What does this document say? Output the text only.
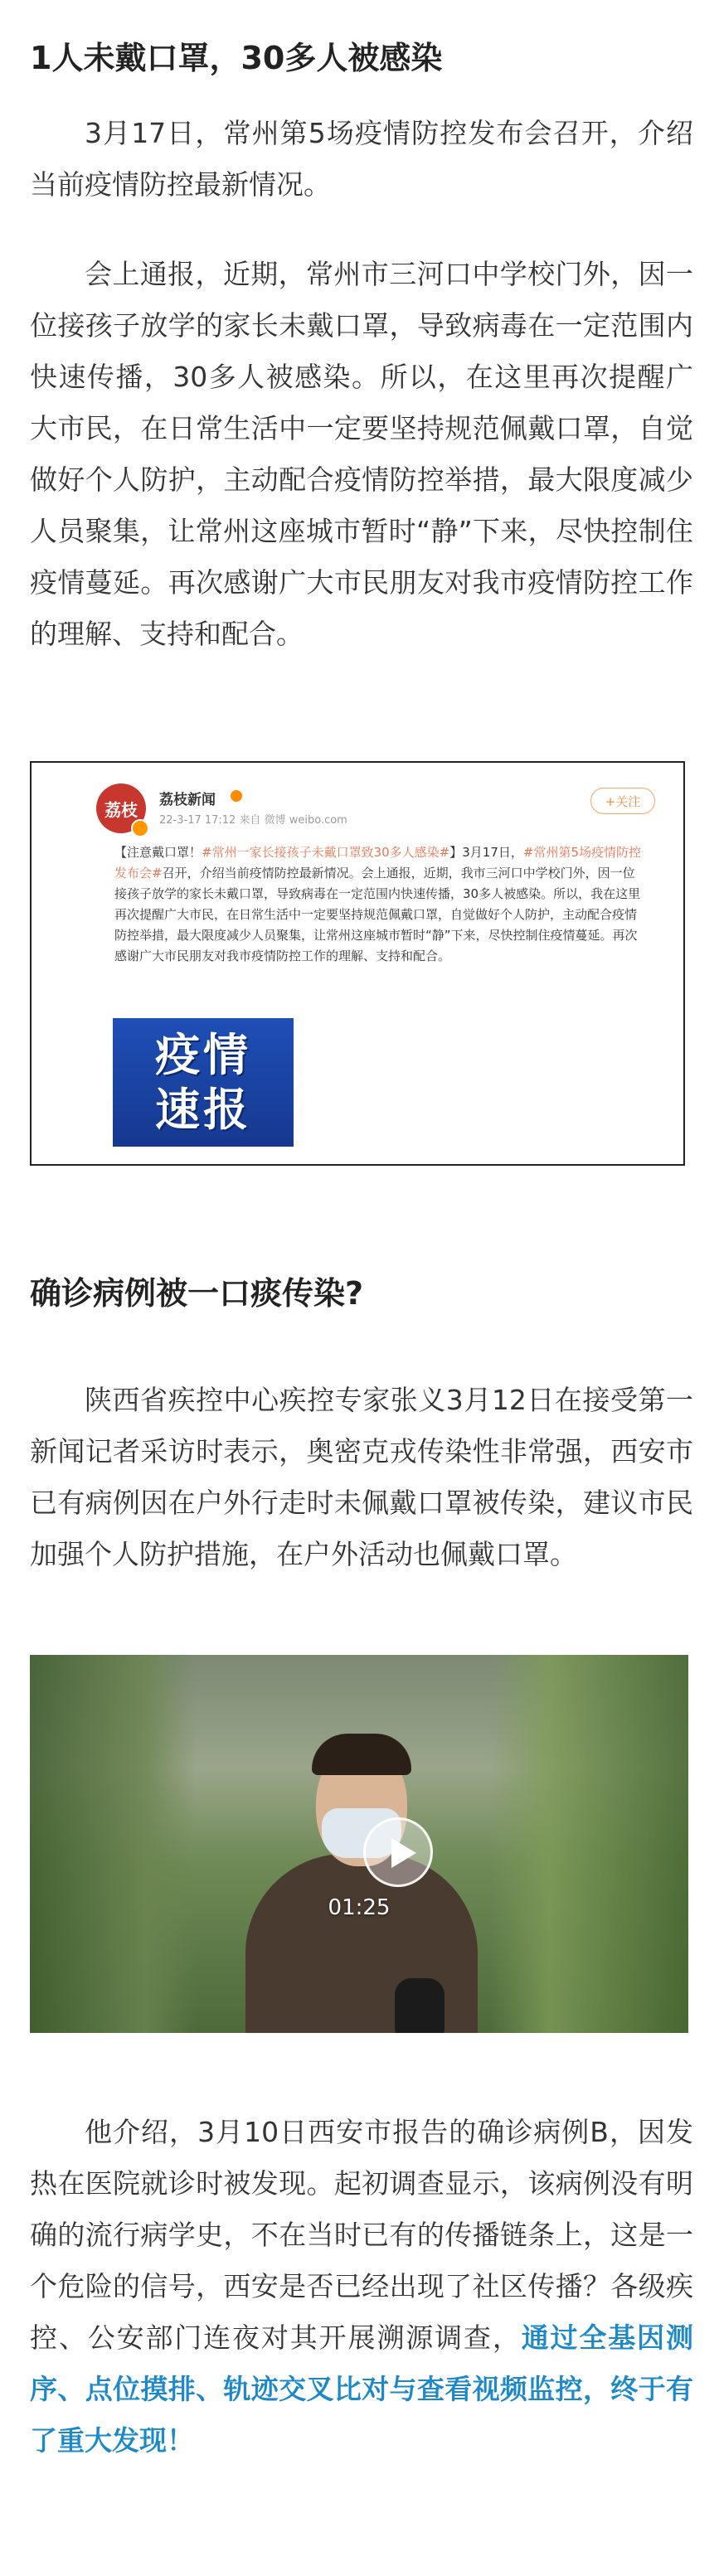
1人未戴口罩，30多人被感染

3月17日，常州第5场疫情防控发布会召开，介绍当前疫情防控最新情况。

会上通报，近期，常州市三河口中学校门外，因一位接孩子放学的家长未戴口罩，导致病毒在一定范围内快速传播，30多人被感染。所以，在这里再次提醒广大市民，在日常生活中一定要坚持规范佩戴口罩，自觉做好个人防护，主动配合疫情防控举措，最大限度减少人员聚集，让常州这座城市暂时“静”下来，尽快控制住疫情蔓延。再次感谢广大市民朋友对我市疫情防控工作的理解、支持和配合。

荔枝	荔枝新闻
22-3-17 17:12 来自 微博 weibo.com
+关注
【注意戴口罩！#常州一家长接孩子未戴口罩致30多人感染#】3月17日，#常州第5场疫情防控发布会#召开，介绍当前疫情防控最新情况。会上通报，近期，我市三河口中学校门外，因一位接孩子放学的家长未戴口罩，导致病毒在一定范围内快速传播，30多人被感染。所以，我在这里再次提醒广大市民，在日常生活中一定要坚持规范佩戴口罩，自觉做好个人防护，主动配合疫情防控举措，最大限度减少人员聚集，让常州这座城市暂时“静”下来，尽快控制住疫情蔓延。再次感谢广大市民朋友对我市疫情防控工作的理解、支持和配合。
疫情
速报
确诊病例被一口痰传染?

陕西省疾控中心疾控专家张义3月12日在接受第一新闻记者采访时表示，奥密克戎传染性非常强，西安市已有病例因在户外行走时未佩戴口罩被传染，建议市民加强个人防护措施，在户外活动也佩戴口罩。

01:25

他介绍，3月10日西安市报告的确诊病例B，因发热在医院就诊时被发现。起初调查显示，该病例没有明确的流行病学史，不在当时已有的传播链条上，这是一个危险的信号，西安是否已经出现了社区传播？各级疾控、公安部门连夜对其开展溯源调查，通过全基因测序、点位摸排、轨迹交叉比对与查看视频监控，终于有了重大发现！
